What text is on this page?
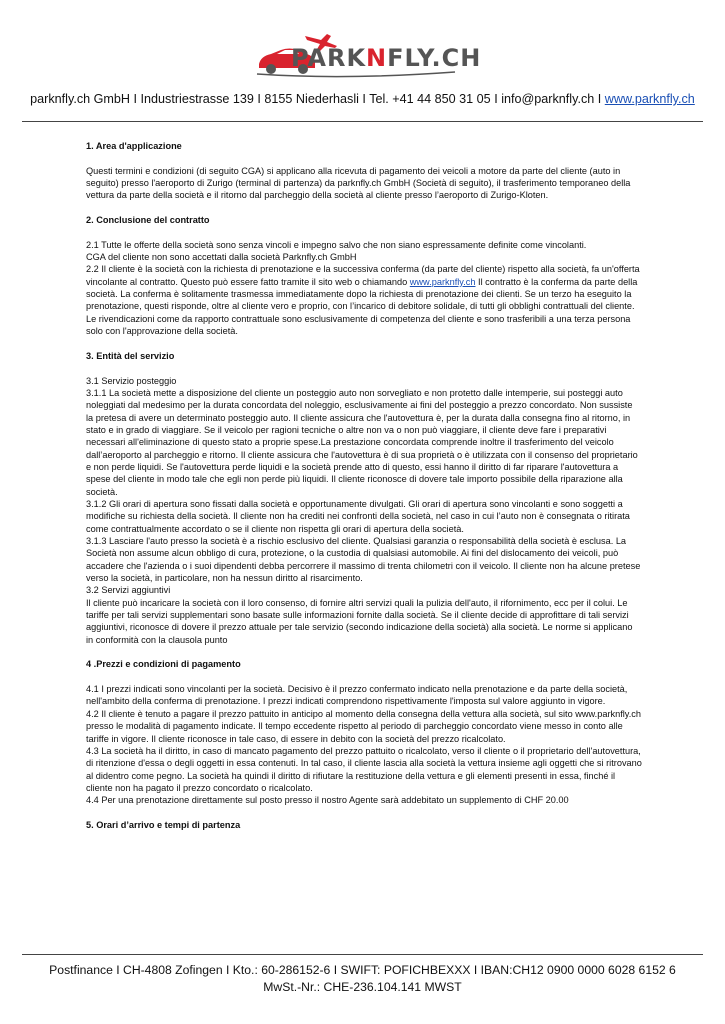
PARKNFLY.CH
parknfly.ch GmbH I Industriestrasse 139 I 8155 Niederhasli I Tel. +41 44 850 31 05 I info@parknfly.ch I www.parknfly.ch
1. Area d'applicazione

Questi termini e condizioni (di seguito CGA) si applicano alla ricevuta di pagamento dei veicoli a motore da parte del cliente (auto in seguito) presso l'aeroporto di Zurigo (terminal di partenza) da parknfly.ch GmbH (Società di seguito), il trasferimento temporaneo della vettura da parte della società e il ritorno dal parcheggio della società al cliente presso l’aeroporto di Zurigo-Kloten.

2. Conclusione del contratto

2.1 Tutte le offerte della società sono senza vincoli e impegno salvo che non siano espressamente definite come vincolanti.
CGA del cliente non sono accettati dalla società Parknfly.ch GmbH

2.2 Il cliente è la società con la richiesta di prenotazione e la successiva conferma (da parte del cliente) rispetto alla società, fa un'offerta vincolante al contratto. Questo può essere fatto tramite il sito web o chiamando www.parknfly.ch Il contratto è la conferma da parte della società. La conferma è solitamente trasmessa immediatamente dopo la richiesta di prenotazione dei clienti. Se un terzo ha eseguito la prenotazione, questi risponde, oltre al cliente vero e proprio, con l’incarico di debitore solidale, di tutti gli obblighi contrattuali del cliente. Le rivendicazioni come da rapporto contrattuale sono esclusivamente di competenza del cliente e sono trasferibili a una terza persona solo con l'approvazione della società.

3. Entità del servizio

3.1 Servizio posteggio
3.1.1 La società mette a disposizione del cliente un posteggio auto non sorvegliato e non protetto dalle intemperie, sui posteggi auto noleggiati dal medesimo per la durata concordata del noleggio, esclusivamente ai fini del posteggio a prezzo concordato. Non sussiste la pretesa di avere un determinato posteggio auto. Il cliente assicura che l'autovettura è, per la durata dalla consegna fino al ritorno, in stato e in grado di viaggiare. Se il veicolo per ragioni tecniche o altre non va o non può viaggiare, il cliente deve fare i preparativi necessari all'eliminazione di questo stato a proprie spese.La prestazione concordata comprende inoltre il trasferimento del veicolo dall’aeroporto al parcheggio e ritorno. Il cliente assicura che l'autovettura è di sua proprietà o è utilizzata con il consenso del proprietario e non perde liquidi. Se l'autovettura perde liquidi e la società prende atto di questo, essi hanno il diritto di far riparare l'autovettura a spese del cliente in modo tale che egli non perde più liquidi. Il cliente riconosce di dovere tale importo possibile della riparazione alla società.
3.1.2 Gli orari di apertura sono fissati dalla società e opportunamente divulgati. Gli orari di apertura sono vincolanti e sono soggetti a modifiche su richiesta della società. Il cliente non ha crediti nei confronti della società, nel caso in cui l’auto non è consegnata o ritirata come contrattualmente accordato o se il cliente non rispetta gli orari di apertura della società.
3.1.3 Lasciare l'auto presso la società è a rischio esclusivo del cliente. Qualsiasi garanzia o responsabilità della società è esclusa. La Società non assume alcun obbligo di cura, protezione, o la custodia di qualsiasi automobile. Ai fini del dislocamento dei veicoli, può accadere che l'azienda o i suoi dipendenti debba percorrere il massimo di trenta chilometri con il veicolo. Il cliente non ha alcune pretese verso la società, in particolare, non ha nessun diritto al risarcimento.
3.2 Servizi aggiuntivi
Il cliente può incaricare la società con il loro consenso, di fornire altri servizi quali la pulizia dell'auto, il rifornimento, ecc per il colui. Le tariffe per tali servizi supplementari sono basate sulle informazioni fornite dalla società. Se il cliente decide di approfittare di tali servizi aggiuntivi, riconosce di dovere il prezzo attuale per tale servizio (secondo indicazione della società) alla società. Le norme si applicano in conformità con la clausola punto

4 .Prezzi e condizioni di pagamento

4.1 I prezzi indicati sono vincolanti per la società. Decisivo è il prezzo confermato indicato nella prenotazione e da parte della società, nell'ambito della conferma di prenotazione. I prezzi indicati comprendono rispettivamente l'imposta sul valore aggiunto in vigore.
4.2 Il cliente è tenuto a pagare il prezzo pattuito in anticipo al momento della consegna della vettura alla società, sul sito www.parknfly.ch presso le modalità di pagamento indicate. Il tempo eccedente rispetto al periodo di parcheggio concordato viene messo in conto alle tariffe in vigore. Il cliente riconosce in tale caso, di essere in debito con la società del prezzo ricalcolato.
4.3 La società ha il diritto, in caso di mancato pagamento del prezzo pattuito o ricalcolato, verso il cliente o il proprietario dell'autovettura, di ritenzione d'essa o degli oggetti in essa contenuti. In tal caso, il cliente lascia alla società la vettura insieme agli oggetti che si ritrovano al didentro come pegno. La società ha quindi il diritto di rifiutare la restituzione della vettura e gli elementi presenti in essa, finché il cliente non ha pagato il prezzo concordato o ricalcolato.
4.4 Per una prenotazione direttamente sul posto presso il nostro Agente sarà addebitato un supplemento di CHF 20.00

5. Orari d’arrivo e tempi di partenza
Postfinance I CH-4808 Zofingen I Kto.: 60-286152-6 I SWIFT: POFICHBEXXX I IBAN:CH12 0900 0000 6028 6152 6
MwSt.-Nr.: CHE-236.104.141 MWST
